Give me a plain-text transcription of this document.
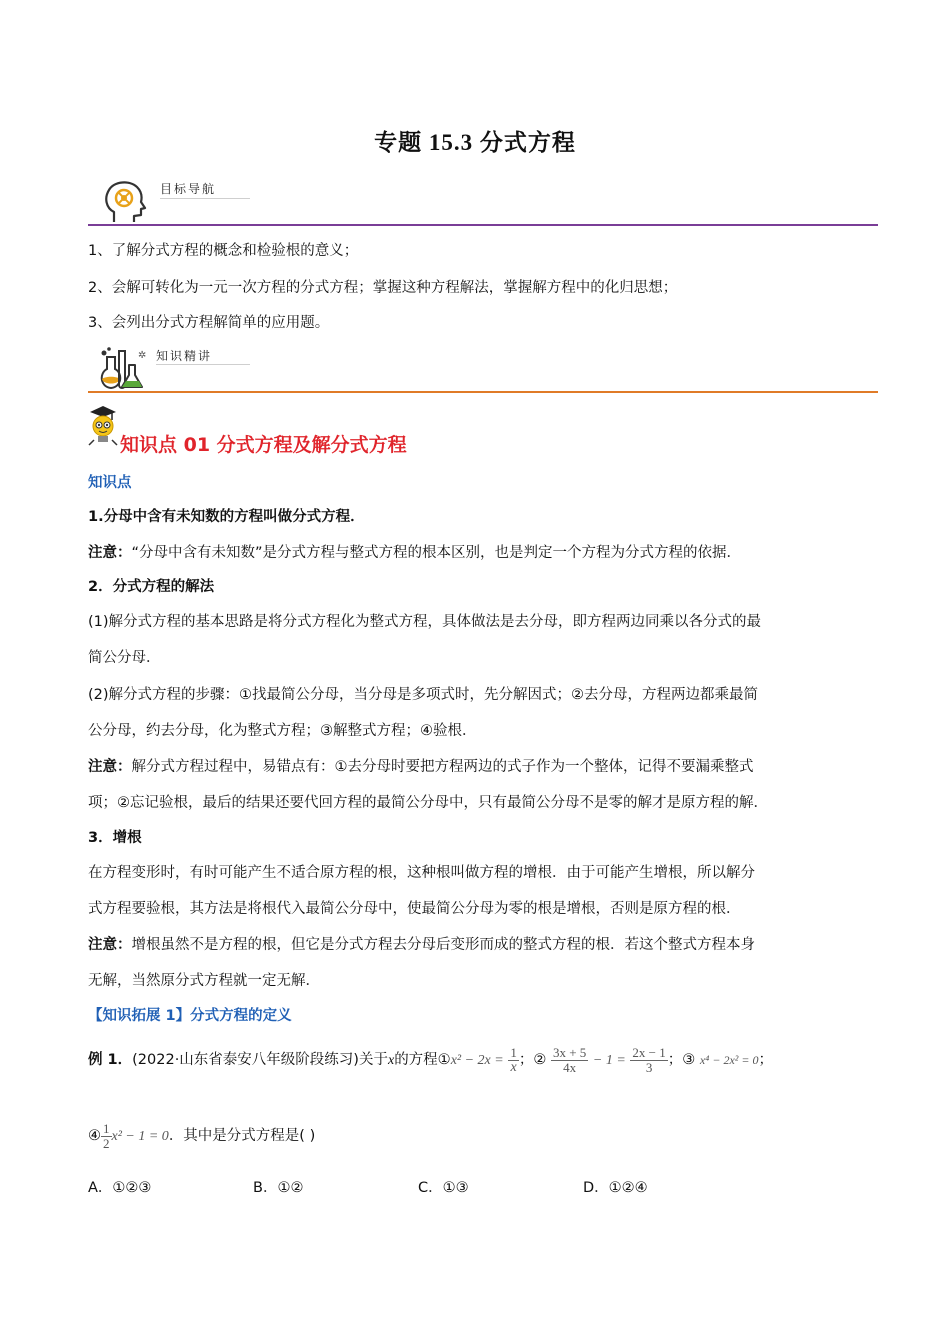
专题 15.3 分式方程
目标导航
1、了解分式方程的概念和检验根的意义；
2、会解可转化为一元一次方程的分式方程；掌握这种方程解法，掌握解方程中的化归思想；
3、会列出分式方程解简单的应用题。
✲ 知识精讲
知识点 01 分式方程及解分式方程
知识点
1.分母中含有未知数的方程叫做分式方程．
注意：“分母中含有未知数”是分式方程与整式方程的根本区别，也是判定一个方程为分式方程的依据．
2．分式方程的解法
(1)解分式方程的基本思路是将分式方程化为整式方程，具体做法是去分母，即方程两边同乘以各分式的最
简公分母．
(2)解分式方程的步骤：①找最简公分母，当分母是多项式时，先分解因式；②去分母，方程两边都乘最简
公分母，约去分母，化为整式方程；③解整式方程；④验根．
注意：解分式方程过程中，易错点有：①去分母时要把方程两边的式子作为一个整体，记得不要漏乘整式
项；②忘记验根，最后的结果还要代回方程的最简公分母中，只有最简公分母不是零的解才是原方程的解．
3．增根
在方程变形时，有时可能产生不适合原方程的根，这种根叫做方程的增根．由于可能产生增根，所以解分
式方程要验根，其方法是将根代入最简公分母中，使最简公分母为零的根是增根，否则是原方程的根．
注意：增根虽然不是方程的根，但它是分式方程去分母后变形而成的整式方程的根．若这个整式方程本身
无解，当然原分式方程就一定无解．
【知识拓展 1】分式方程的定义
例 1．(2022·山东省泰安八年级阶段练习)关于x的方程①x² − $2x = \frac{1}{x}$ ；② $\frac{3x + 5}{4x} - 1 = \frac{2x - 1}{3}$ ；③ x⁴ − 2x² = 0；
④ $\frac{1}{2} x^2 - 1 = 0$．其中是分式方程是( )
A．①②③	B．①②	C．①③	D．①②④
